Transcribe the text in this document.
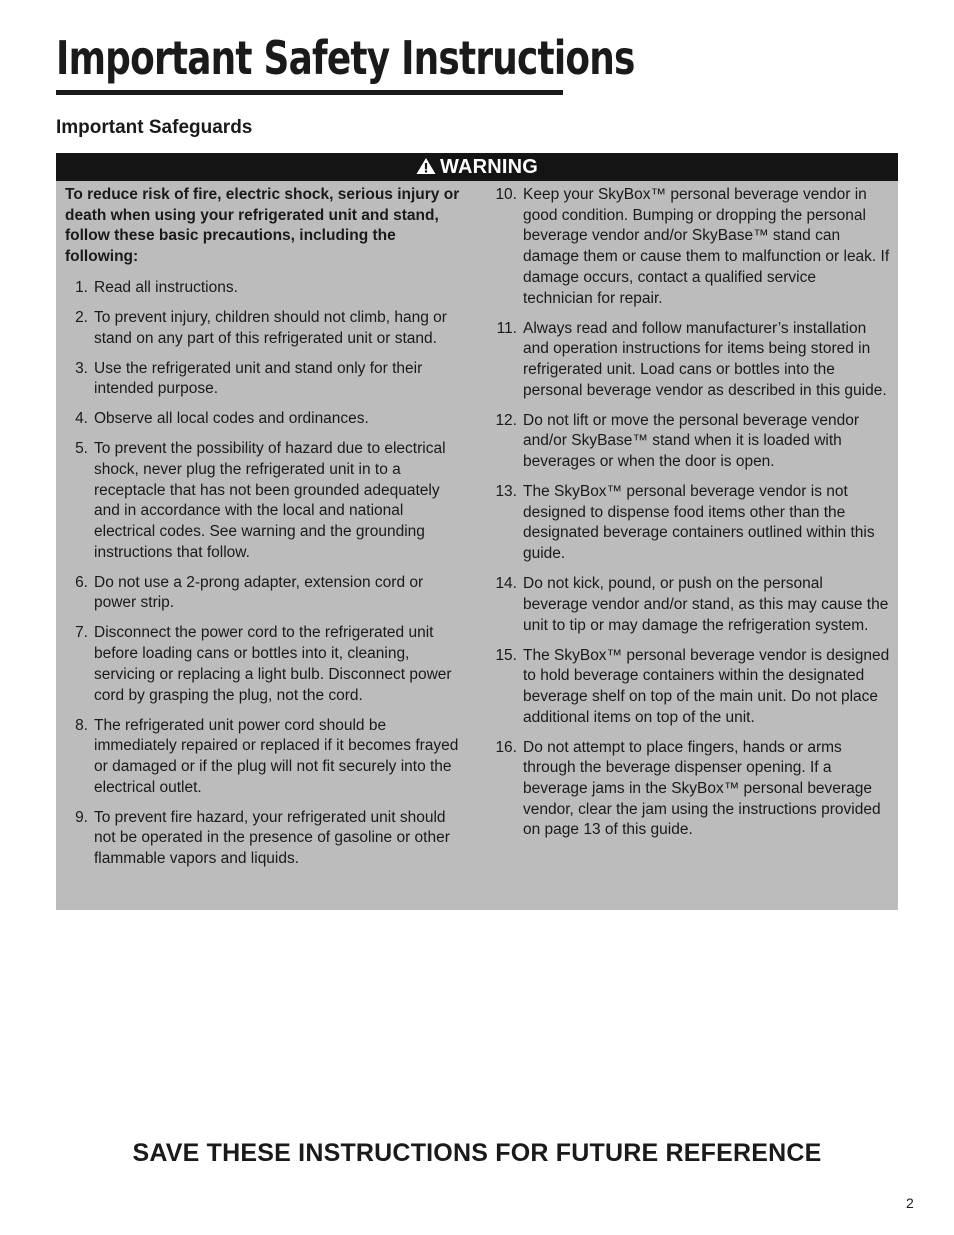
Important Safety Instructions
Important Safeguards
WARNING

To reduce risk of fire, electric shock, serious injury or death when using your refrigerated unit and stand, follow these basic precautions, including the following:

1. Read all instructions.
2. To prevent injury, children should not climb, hang or stand on any part of this refrigerated unit or stand.
3. Use the refrigerated unit and stand only for their intended purpose.
4. Observe all local codes and ordinances.
5. To prevent the possibility of hazard due to electrical shock, never plug the refrigerated unit in to a receptacle that has not been grounded adequately and in accordance with the local and national electrical codes. See warning and the grounding instructions that follow.
6. Do not use a 2-prong adapter, extension cord or power strip.
7. Disconnect the power cord to the refrigerated unit before loading cans or bottles into it, cleaning, servicing or replacing a light bulb. Disconnect power cord by grasping the plug, not the cord.
8. The refrigerated unit power cord should be immediately repaired or replaced if it becomes frayed or damaged or if the plug will not fit securely into the electrical outlet.
9. To prevent fire hazard, your refrigerated unit should not be operated in the presence of gasoline or other flammable vapors and liquids.
10. Keep your SkyBox™ personal beverage vendor in good condition. Bumping or dropping the personal beverage vendor and/or SkyBase™ stand can damage them or cause them to malfunction or leak. If damage occurs, contact a qualified service technician for repair.
11. Always read and follow manufacturer’s installation and operation instructions for items being stored in refrigerated unit. Load cans or bottles into the personal beverage vendor as described in this guide.
12. Do not lift or move the personal beverage vendor and/or SkyBase™ stand when it is loaded with beverages or when the door is open.
13. The SkyBox™ personal beverage vendor is not designed to dispense food items other than the designated beverage containers outlined within this guide.
14. Do not kick, pound, or push on the personal beverage vendor and/or stand, as this may cause the unit to tip or may damage the refrigeration system.
15. The SkyBox™ personal beverage vendor is designed to hold beverage containers within the designated beverage shelf on top of the main unit. Do not place additional items on top of the unit.
16. Do not attempt to place fingers, hands or arms through the beverage dispenser opening. If a beverage jams in the SkyBox™ personal beverage vendor, clear the jam using the instructions provided on page 13 of this guide.

SAVE THESE INSTRUCTIONS FOR FUTURE REFERENCE

2
